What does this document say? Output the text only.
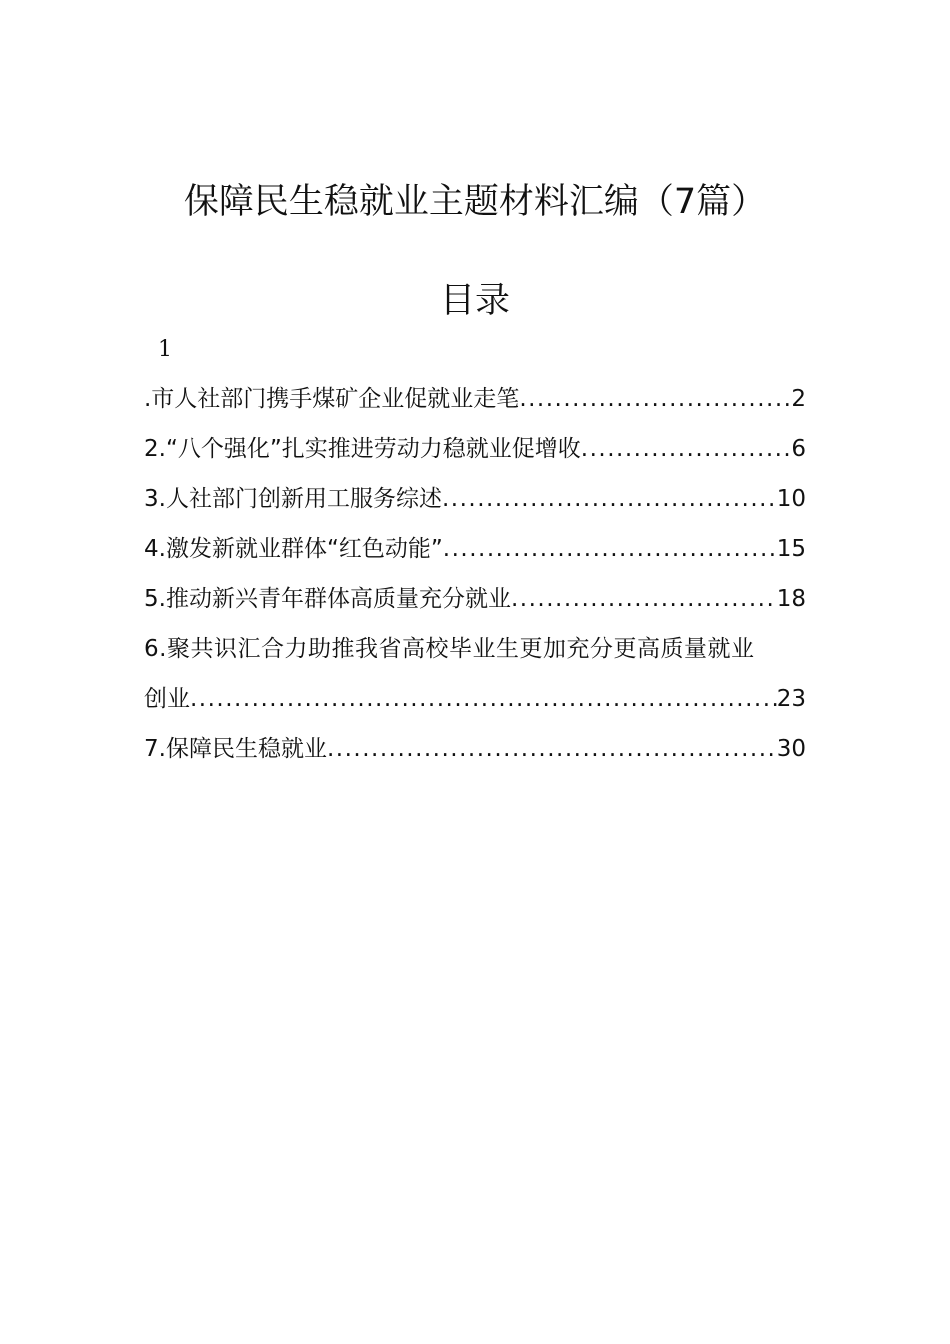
保障民生稳就业主题材料汇编（7篇）
目录
1
.市人社部门携手煤矿企业促就业走笔 .....	2
2.“八个强化”扎实推进劳动力稳就业促增收 .....	6
3.人社部门创新用工服务综述 .....	10
4.激发新就业群体“红色动能” .....	15
5.推动新兴青年群体高质量充分就业 .....	18
6.聚共识汇合力助推我省高校毕业生更加充分更高质量就业
创业 .....	23
7.保障民生稳就业 .....	30
